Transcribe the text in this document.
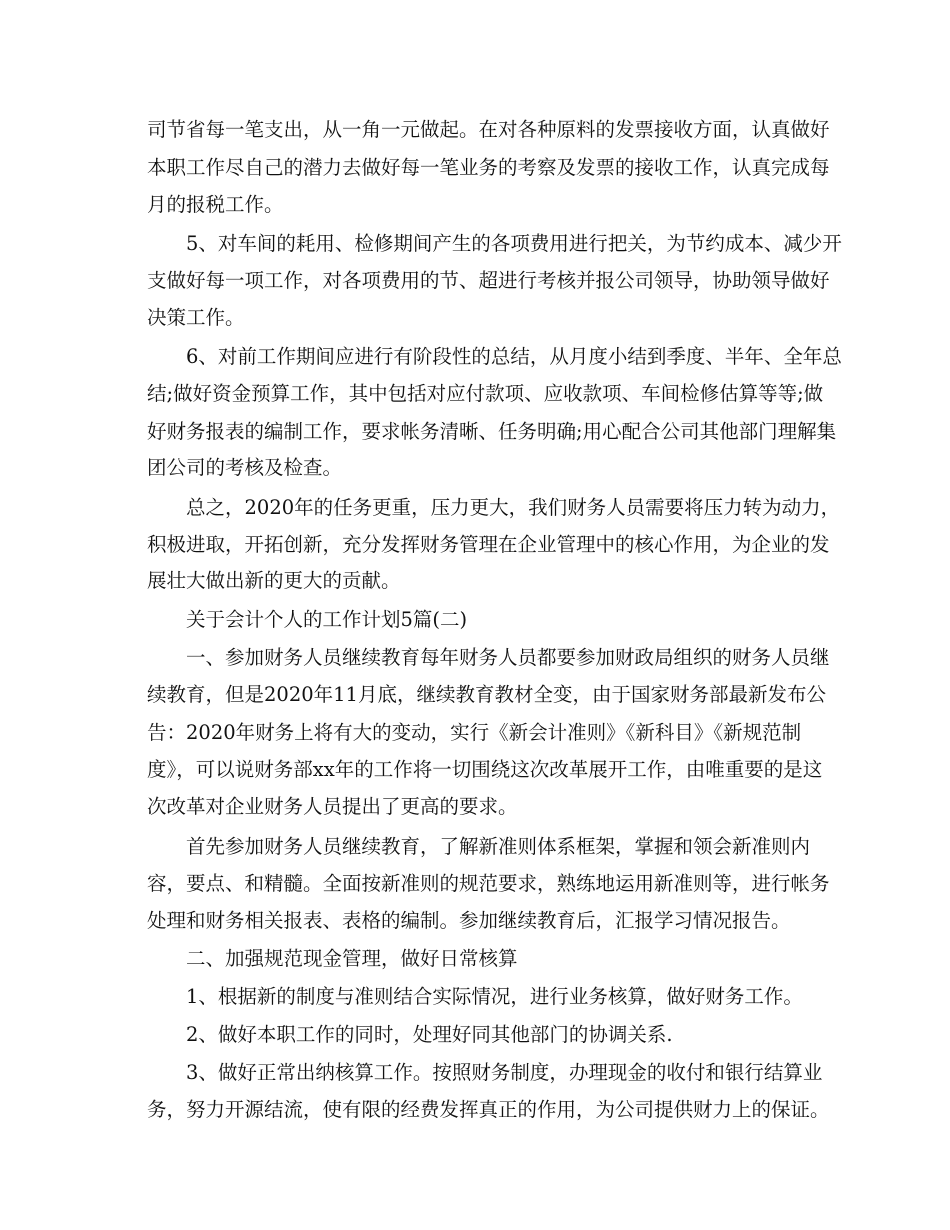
司节省每一笔支出，从一角一元做起。在对各种原料的发票接收方面，认真做好
本职工作尽自己的潜力去做好每一笔业务的考察及发票的接收工作，认真完成每
月的报税工作。
5、对车间的耗用、检修期间产生的各项费用进行把关，为节约成本、减少开
支做好每一项工作，对各项费用的节、超进行考核并报公司领导，协助领导做好
决策工作。
6、对前工作期间应进行有阶段性的总结，从月度小结到季度、半年、全年总
结;做好资金预算工作，其中包括对应付款项、应收款项、车间检修估算等等;做
好财务报表的编制工作，要求帐务清晰、任务明确;用心配合公司其他部门理解集
团公司的考核及检查。
总之，2020年的任务更重，压力更大，我们财务人员需要将压力转为动力，
积极进取，开拓创新，充分发挥财务管理在企业管理中的核心作用，为企业的发
展壮大做出新的更大的贡献。
关于会计个人的工作计划5篇(二)
一、参加财务人员继续教育每年财务人员都要参加财政局组织的财务人员继
续教育，但是2020年11月底，继续教育教材全变，由于国家财务部最新发布公
告：2020年财务上将有大的变动，实行《新会计准则》《新科目》《新规范制
度》，可以说财务部xx年的工作将一切围绕这次改革展开工作，由唯重要的是这
次改革对企业财务人员提出了更高的要求。
首先参加财务人员继续教育，了解新准则体系框架，掌握和领会新准则内
容，要点、和精髓。全面按新准则的规范要求，熟练地运用新准则等，进行帐务
处理和财务相关报表、表格的编制。参加继续教育后，汇报学习情况报告。
二、加强规范现金管理，做好日常核算
1、根据新的制度与准则结合实际情况，进行业务核算，做好财务工作。
2、做好本职工作的同时，处理好同其他部门的协调关系.
3、做好正常出纳核算工作。按照财务制度，办理现金的收付和银行结算业
务，努力开源结流，使有限的经费发挥真正的作用，为公司提供财力上的保证。
